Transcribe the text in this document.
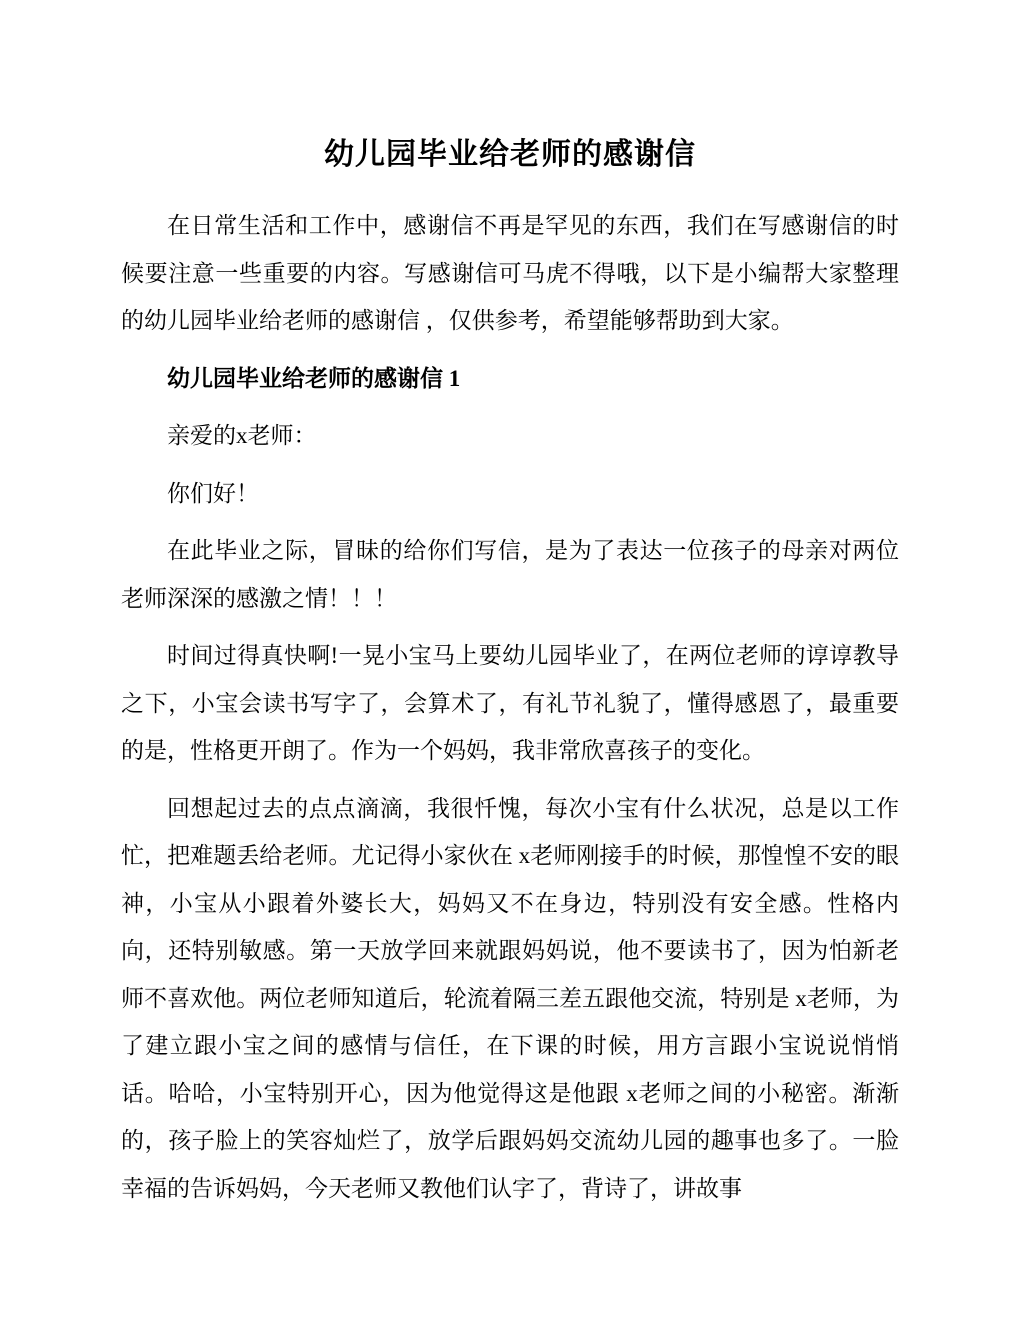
幼儿园毕业给老师的感谢信

在日常生活和工作中，感谢信不再是罕见的东西，我们在写感谢信的时候要注意一些重要的内容。写感谢信可马虎不得哦，以下是小编帮大家整理的幼儿园毕业给老师的感谢信 ，仅供参考，希望能够帮助到大家。

幼儿园毕业给老师的感谢信 1

亲爱的x老师：

你们好！

在此毕业之际，冒昧的给你们写信，是为了表达一位孩子的母亲对两位老师深深的感激之情！！！

时间过得真快啊!一晃小宝马上要幼儿园毕业了，在两位老师的谆谆教导之下，小宝会读书写字了，会算术了，有礼节礼貌了，懂得感恩了，最重要的是，性格更开朗了。作为一个妈妈，我非常欣喜孩子的变化。

回想起过去的点点滴滴，我很忏愧，每次小宝有什么状况，总是以工作忙，把难题丢给老师。尤记得小家伙在 x老师刚接手的时候，那惶惶不安的眼神，小宝从小跟着外婆长大，妈妈又不在身边，特别没有安全感。性格内向，还特别敏感。第一天放学回来就跟妈妈说，他不要读书了，因为怕新老师不喜欢他。两位老师知道后，轮流着隔三差五跟他交流，特别是 x老师，为了建立跟小宝之间的感情与信任，在下课的时候，用方言跟小宝说说悄悄话。哈哈，小宝特别开心，因为他觉得这是他跟 x老师之间的小秘密。渐渐的，孩子脸上的笑容灿烂了，放学后跟妈妈交流幼儿园的趣事也多了。一脸幸福的告诉妈妈，今天老师又教他们认字了，背诗了，讲故事
